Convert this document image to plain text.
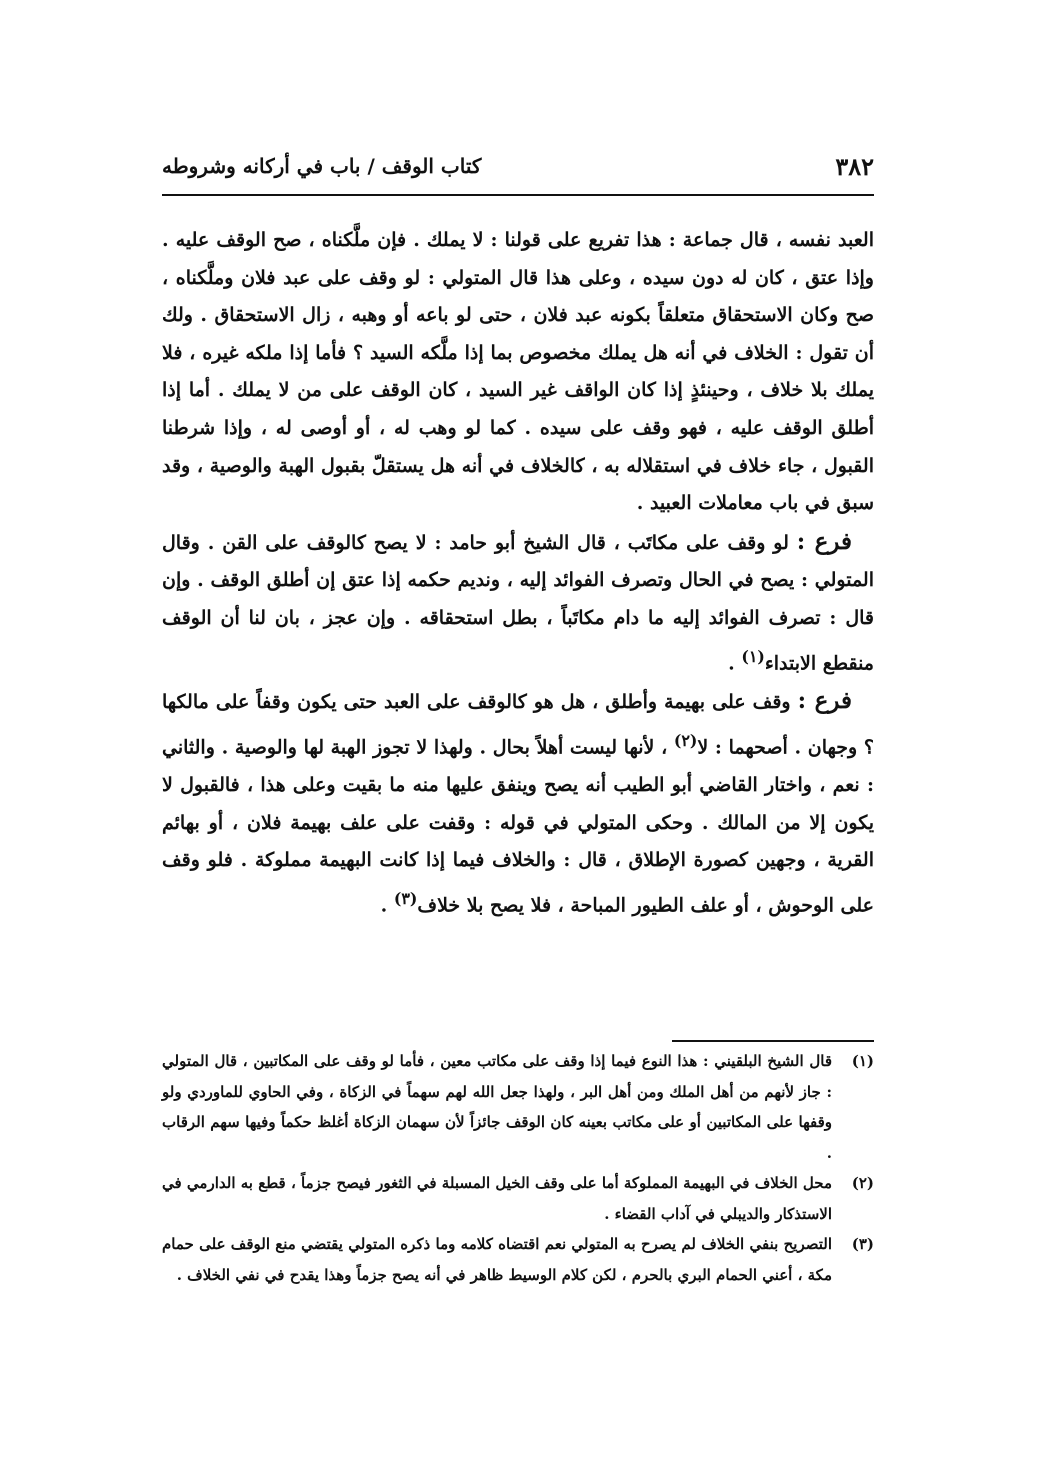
٣٨٢
كتاب الوقف / باب في أركانه وشروطه

العبد نفسه ، قال جماعة : هذا تفريع على قولنا : لا يملك . فإن ملَّكناه ، صح الوقف عليه . وإذا عتق ، كان له دون سيده ، وعلى هذا قال المتولي : لو وقف على عبد فلان وملَّكناه ، صح وكان الاستحقاق متعلقاً بكونه عبد فلان ، حتى لو باعه أو وهبه ، زال الاستحقاق . ولك أن تقول : الخلاف في أنه هل يملك مخصوص بما إذا ملَّكه السيد ؟ فأما إذا ملكه غيره ، فلا يملك بلا خلاف ، وحينئذٍ إذا كان الواقف غير السيد ، كان الوقف على من لا يملك . أما إذا أطلق الوقف عليه ، فهو وقف على سيده . كما لو وهب له ، أو أوصى له ، وإذا شرطنا القبول ، جاء خلاف في استقلاله به ، كالخلاف في أنه هل يستقلّ بقبول الهبة والوصية ، وقد سبق في باب معاملات العبيد .

فرع : لو وقف على مكاتَب ، قال الشيخ أبو حامد : لا يصح كالوقف على القن . وقال المتولي : يصح في الحال وتصرف الفوائد إليه ، ونديم حكمه إذا عتق إن أطلق الوقف . وإن قال : تصرف الفوائد إليه ما دام مكاتَباً ، بطل استحقاقه . وإن عجز ، بان لنا أن الوقف منقطع الابتداء$^{(١)}$ .

فرع : وقف على بهيمة وأطلق ، هل هو كالوقف على العبد حتى يكون وقفاً على مالكها ؟ وجهان . أصحهما : لا$^{(٢)}$ ، لأنها ليست أهلاً بحال . ولهذا لا تجوز الهبة لها والوصية . والثاني : نعم ، واختار القاضي أبو الطيب أنه يصح وينفق عليها منه ما بقيت وعلى هذا ، فالقبول لا يكون إلا من المالك . وحكى المتولي في قوله : وقفت على علف بهيمة فلان ، أو بهائم القرية ، وجهين كصورة الإطلاق ، قال : والخلاف فيما إذا كانت البهيمة مملوكة . فلو وقف على الوحوش ، أو علف الطيور المباحة ، فلا يصح بلا خلاف$^{(٣)}$ .

(١)
قال الشيخ البلقيني : هذا النوع فيما إذا وقف على مكاتب معين ، فأما لو وقف على المكاتبين ، قال المتولي : جاز لأنهم من أهل الملك ومن أهل البر ، ولهذا جعل الله لهم سهماً في الزكاة ، وفي الحاوي للماوردي ولو وقفها على المكاتبين أو على مكاتب بعينه كان الوقف جائزاً لأن سهمان الزكاة أغلظ حكماً وفيها سهم الرقاب .
(٢)
محل الخلاف في البهيمة المملوكة أما على وقف الخيل المسبلة في الثغور فيصح جزماً ، قطع به الدارمي في الاستذكار والديبلي في آداب القضاء .
(٣)
التصريح بنفي الخلاف لم يصرح به المتولي نعم اقتضاه كلامه وما ذكره المتولي يقتضي منع الوقف على حمام مكة ، أعني الحمام البري بالحرم ، لكن كلام الوسيط ظاهر في أنه يصح جزماً وهذا يقدح في نفي الخلاف .
